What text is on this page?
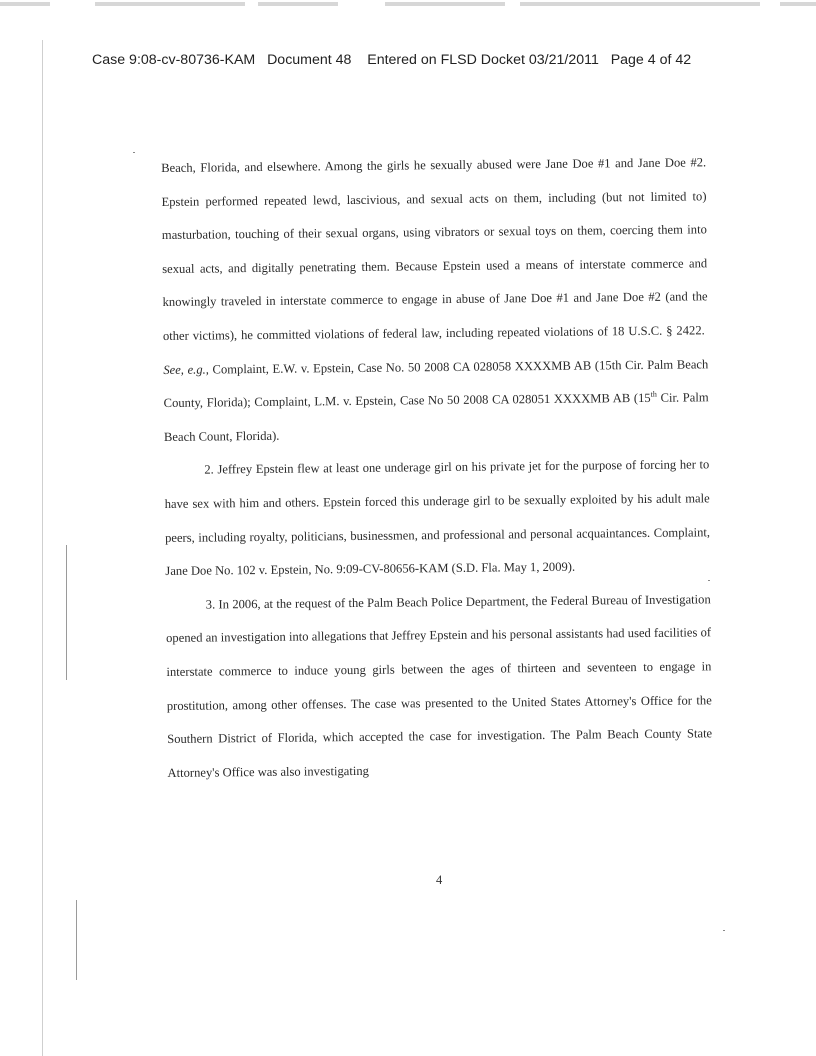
Case 9:08-cv-80736-KAM Document 48 Entered on FLSD Docket 03/21/2011 Page 4 of 42

Beach, Florida, and elsewhere. Among the girls he sexually abused were Jane Doe #1 and Jane Doe #2. Epstein performed repeated lewd, lascivious, and sexual acts on them, including (but not limited to) masturbation, touching of their sexual organs, using vibrators or sexual toys on them, coercing them into sexual acts, and digitally penetrating them. Because Epstein used a means of interstate commerce and knowingly traveled in interstate commerce to engage in abuse of Jane Doe #1 and Jane Doe #2 (and the other victims), he committed violations of federal law, including repeated violations of 18 U.S.C. § 2422.  See, e.g., Complaint, E.W. v. Epstein, Case No. 50 2008 CA 028058 XXXXMB AB (15th Cir. Palm Beach County, Florida); Complaint, L.M. v. Epstein, Case No 50 2008 CA 028051 XXXXMB AB (15th Cir. Palm Beach Count, Florida).

2. Jeffrey Epstein flew at least one underage girl on his private jet for the purpose of forcing her to have sex with him and others. Epstein forced this underage girl to be sexually exploited by his adult male peers, including royalty, politicians, businessmen, and professional and personal acquaintances. Complaint, Jane Doe No. 102 v. Epstein, No. 9:09-CV-80656-KAM (S.D. Fla. May 1, 2009).

3. In 2006, at the request of the Palm Beach Police Department, the Federal Bureau of Investigation opened an investigation into allegations that Jeffrey Epstein and his personal assistants had used facilities of interstate commerce to induce young girls between the ages of thirteen and seventeen to engage in prostitution, among other offenses. The case was presented to the United States Attorney's Office for the Southern District of Florida, which accepted the case for investigation. The Palm Beach County State Attorney's Office was also investigating

4
